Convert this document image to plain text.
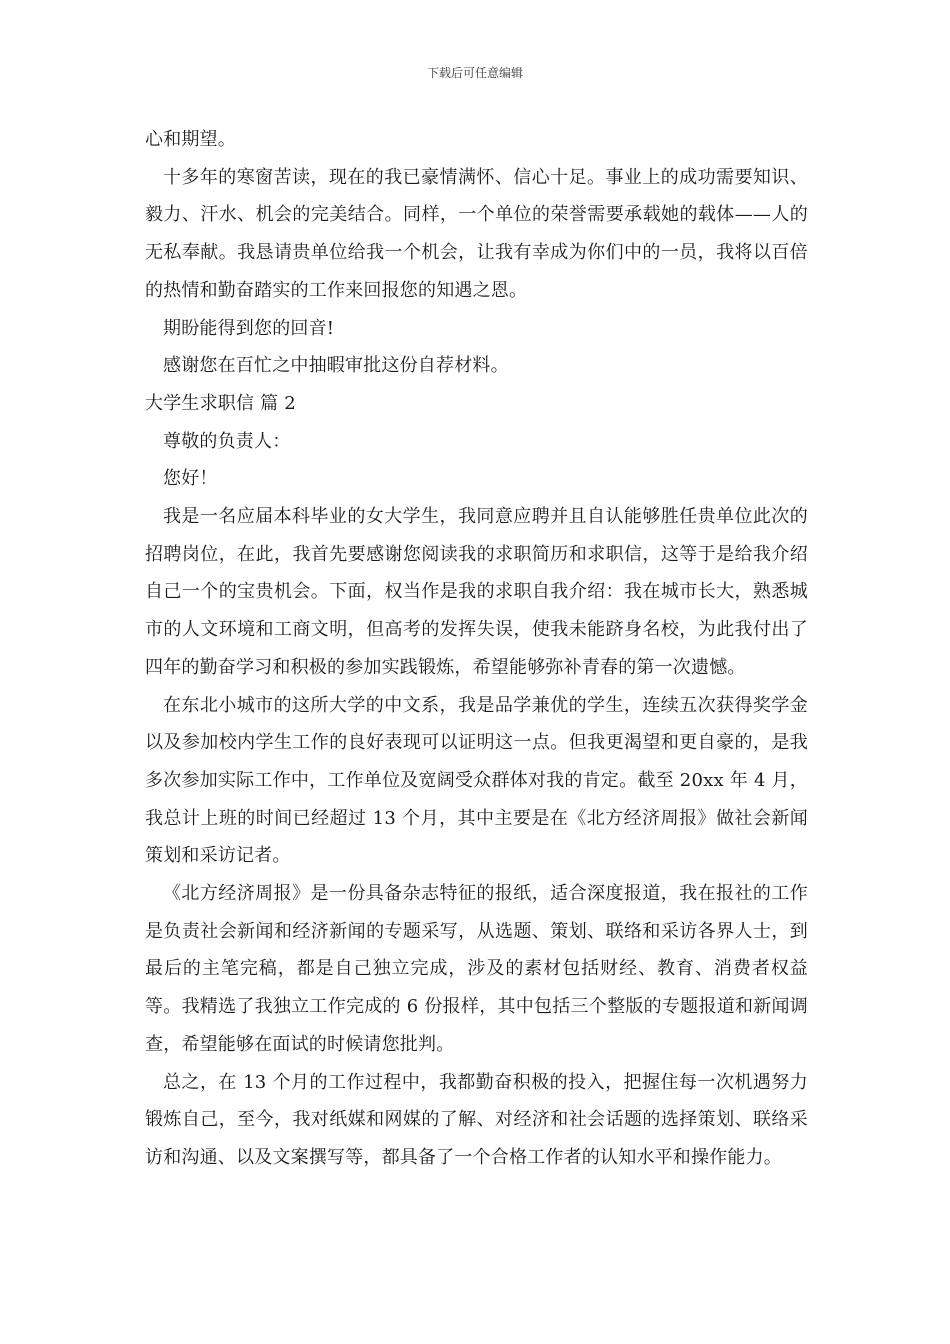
下载后可任意编辑

心和期望。

十多年的寒窗苦读，现在的我已豪情满怀、信心十足。事业上的成功需要知识、毅力、汗水、机会的完美结合。同样，一个单位的荣誉需要承载她的载体——人的无私奉献。我恳请贵单位给我一个机会，让我有幸成为你们中的一员，我将以百倍的热情和勤奋踏实的工作来回报您的知遇之恩。

期盼能得到您的回音!

感谢您在百忙之中抽暇审批这份自荐材料。

大学生求职信 篇 2

尊敬的负责人：

您好！

我是一名应届本科毕业的女大学生，我同意应聘并且自认能够胜任贵单位此次的招聘岗位，在此，我首先要感谢您阅读我的求职简历和求职信，这等于是给我介绍自己一个的宝贵机会。下面，权当作是我的求职自我介绍：我在城市长大，熟悉城市的人文环境和工商文明，但高考的发挥失误，使我未能跻身名校，为此我付出了四年的勤奋学习和积极的参加实践锻炼，希望能够弥补青春的第一次遗憾。

在东北小城市的这所大学的中文系，我是品学兼优的学生，连续五次获得奖学金以及参加校内学生工作的良好表现可以证明这一点。但我更渴望和更自豪的，是我多次参加实际工作中，工作单位及宽阔受众群体对我的肯定。截至 20xx 年 4 月，我总计上班的时间已经超过 13 个月，其中主要是在《北方经济周报》做社会新闻策划和采访记者。

《北方经济周报》是一份具备杂志特征的报纸，适合深度报道，我在报社的工作是负责社会新闻和经济新闻的专题采写，从选题、策划、联络和采访各界人士，到最后的主笔完稿，都是自己独立完成，涉及的素材包括财经、教育、消费者权益等。我精选了我独立工作完成的 6 份报样，其中包括三个整版的专题报道和新闻调查，希望能够在面试的时候请您批判。

总之，在 13 个月的工作过程中，我都勤奋积极的投入，把握住每一次机遇努力锻炼自己，至今，我对纸媒和网媒的了解、对经济和社会话题的选择策划、联络采访和沟通、以及文案撰写等，都具备了一个合格工作者的认知水平和操作能力。
